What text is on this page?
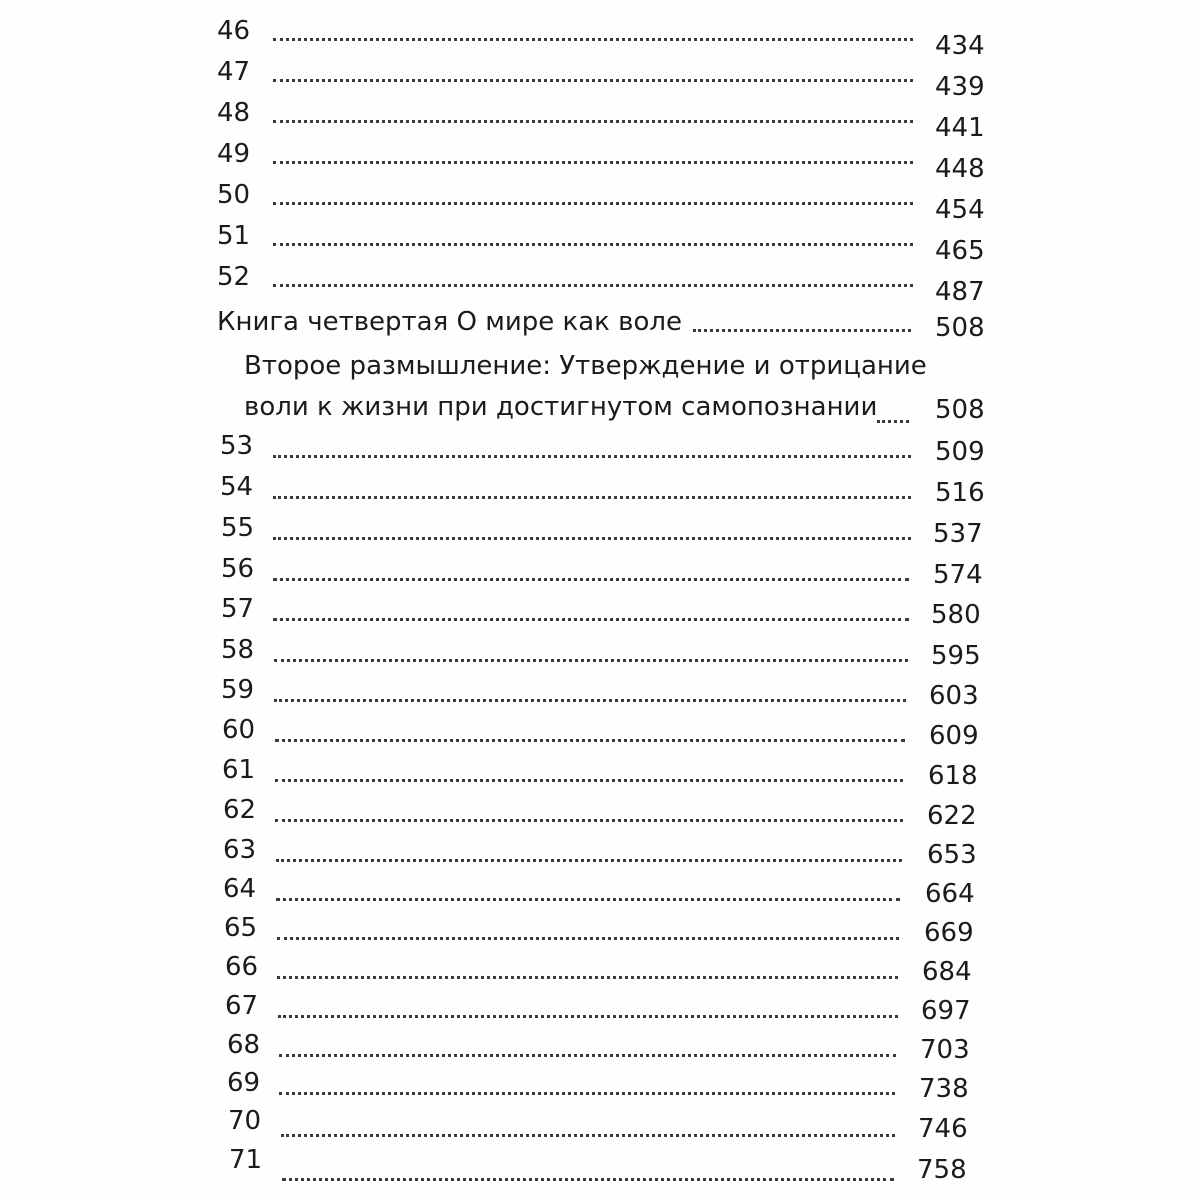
46	434
47	439
48	441
49	448
50	454
51	465
52	487
Книга четвертая О мире как воле	508
Второе размышление: Утверждение и отрицание
воли к жизни при достигнутом самопознании 508
53	509
54	516
55	537
56	574
57	580
58	595
59	603
60	609
61	618
62	622
63	653
64	664
65	669
66	684
67	697
68	703
69	738
70	746
71	758
